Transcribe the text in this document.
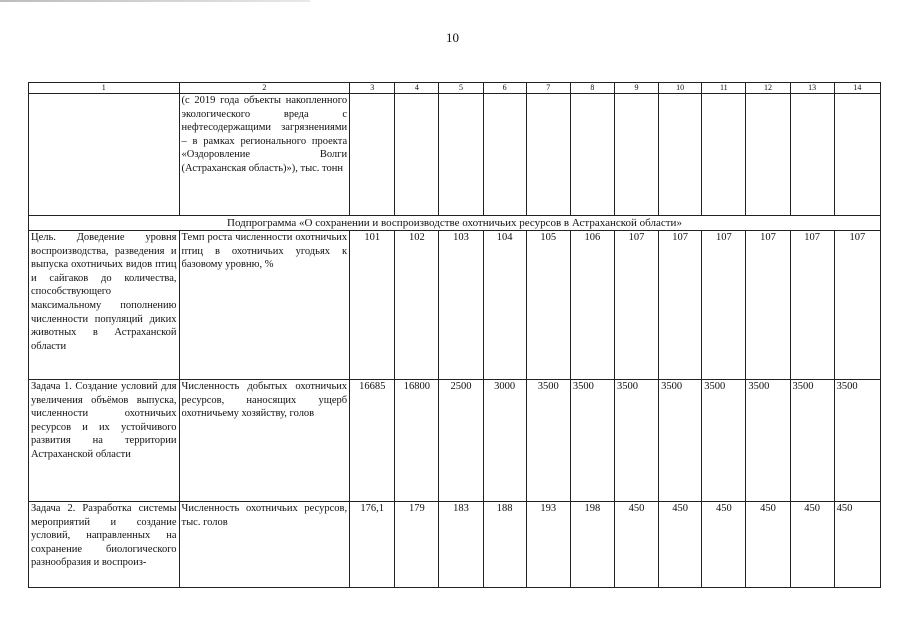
10
1	2	3	4	5	6	7	8	9	10	11	12	13	14
	(с 2019 года объекты накопленного экологического вреда с нефтесодержащими загрязнениями – в рамках регионального проекта «Оздоровление Волги (Астраханская область)»), тыс. тонн												
Подпрограмма «О сохранении и воспроизводстве охотничьих ресурсов в Астраханской области»													
Цель. Доведение уровня воспроизводства, разведения и выпуска охотничьих видов птиц и сайгаков до количества, способствующего максимальному пополнению численности популяций диких животных в Астраханской области	Темп роста численности охотничьих птиц в охотничьих угодьях к базовому уровню, %	101	102	103	104	105	106	107	107	107	107	107	107
Задача 1. Создание условий для увеличения объёмов выпуска, численности охотничьих ресурсов и их устойчивого развития на территории Астраханской области	Численность добытых охотничьих ресурсов, наносящих ущерб охотничьему хозяйству, голов	16685	16800	2500	3000	3500	3500	3500	3500	3500	3500	3500	3500
Задача 2. Разработка системы мероприятий и создание условий, направленных на сохранение биологического разнообразия и воспроиз-	Численность охотничьих ресурсов, тыс. голов	176,1	179	183	188	193	198	450	450	450	450	450	450
